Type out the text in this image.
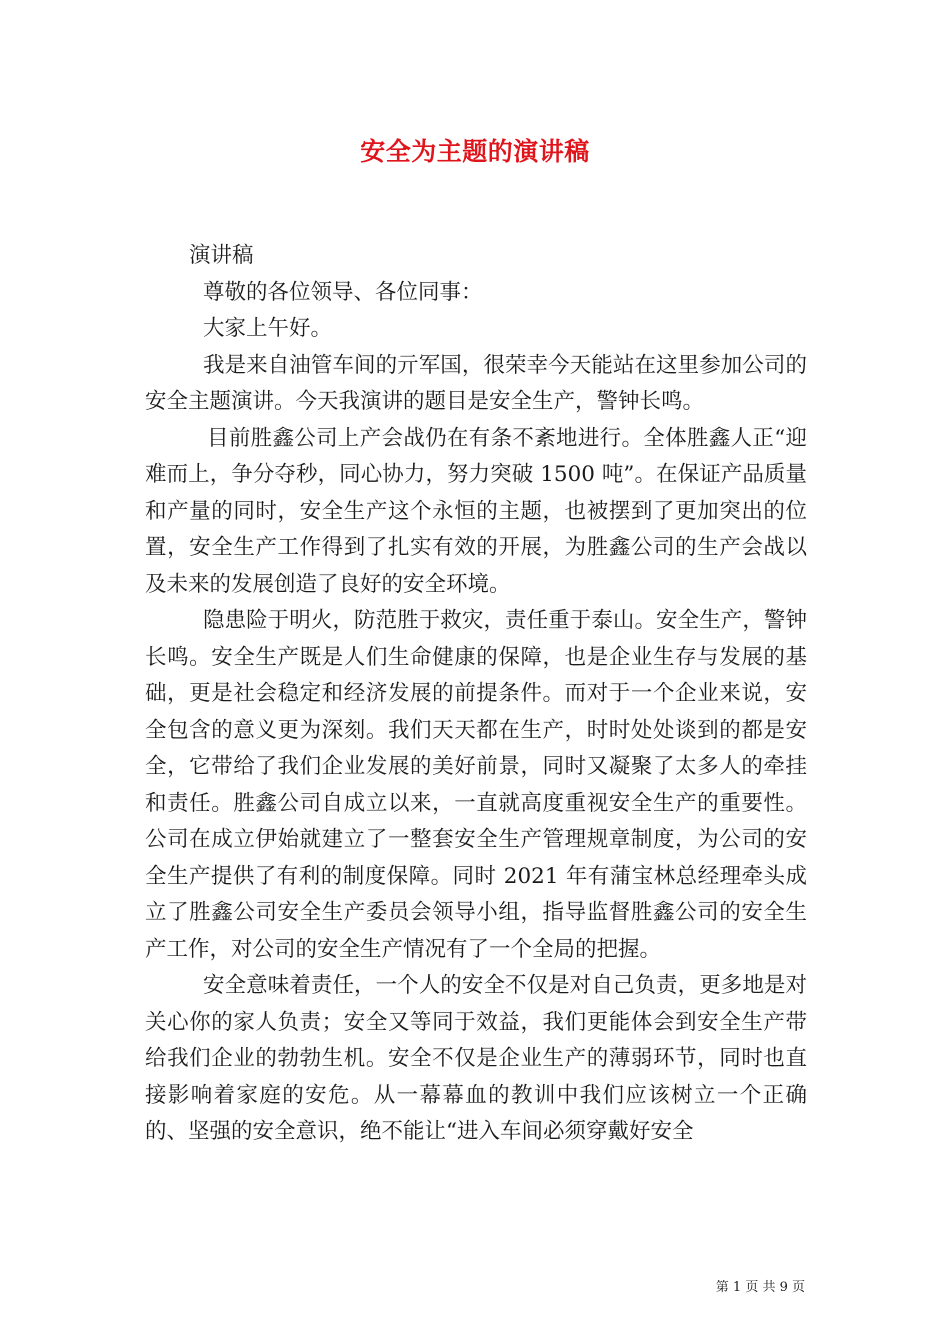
安全为主题的演讲稿

演讲稿

尊敬的各位领导、各位同事：

大家上午好。

我是来自油管车间的亓军国，很荣幸今天能站在这里参加公司的安全主题演讲。今天我演讲的题目是安全生产，警钟长鸣。

目前胜鑫公司上产会战仍在有条不紊地进行。全体胜鑫人正“迎难而上，争分夺秒，同心协力，努力突破 1500 吨”。在保证产品质量和产量的同时，安全生产这个永恒的主题，也被摆到了更加突出的位置，安全生产工作得到了扎实有效的开展，为胜鑫公司的生产会战以及未来的发展创造了良好的安全环境。

隐患险于明火，防范胜于救灾，责任重于泰山。安全生产，警钟长鸣。安全生产既是人们生命健康的保障，也是企业生存与发展的基础，更是社会稳定和经济发展的前提条件。而对于一个企业来说，安全包含的意义更为深刻。我们天天都在生产，时时处处谈到的都是安全，它带给了我们企业发展的美好前景，同时又凝聚了太多人的牵挂和责任。胜鑫公司自成立以来，一直就高度重视安全生产的重要性。公司在成立伊始就建立了一整套安全生产管理规章制度，为公司的安全生产提供了有利的制度保障。同时 2021 年有蒲宝林总经理牵头成立了胜鑫公司安全生产委员会领导小组，指导监督胜鑫公司的安全生产工作，对公司的安全生产情况有了一个全局的把握。

安全意味着责任，一个人的安全不仅是对自己负责，更多地是对关心你的家人负责；安全又等同于效益，我们更能体会到安全生产带给我们企业的勃勃生机。安全不仅是企业生产的薄弱环节，同时也直接影响着家庭的安危。从一幕幕血的教训中我们应该树立一个正确的、坚强的安全意识，绝不能让“进入车间必须穿戴好安全

第 1 页 共 9 页
